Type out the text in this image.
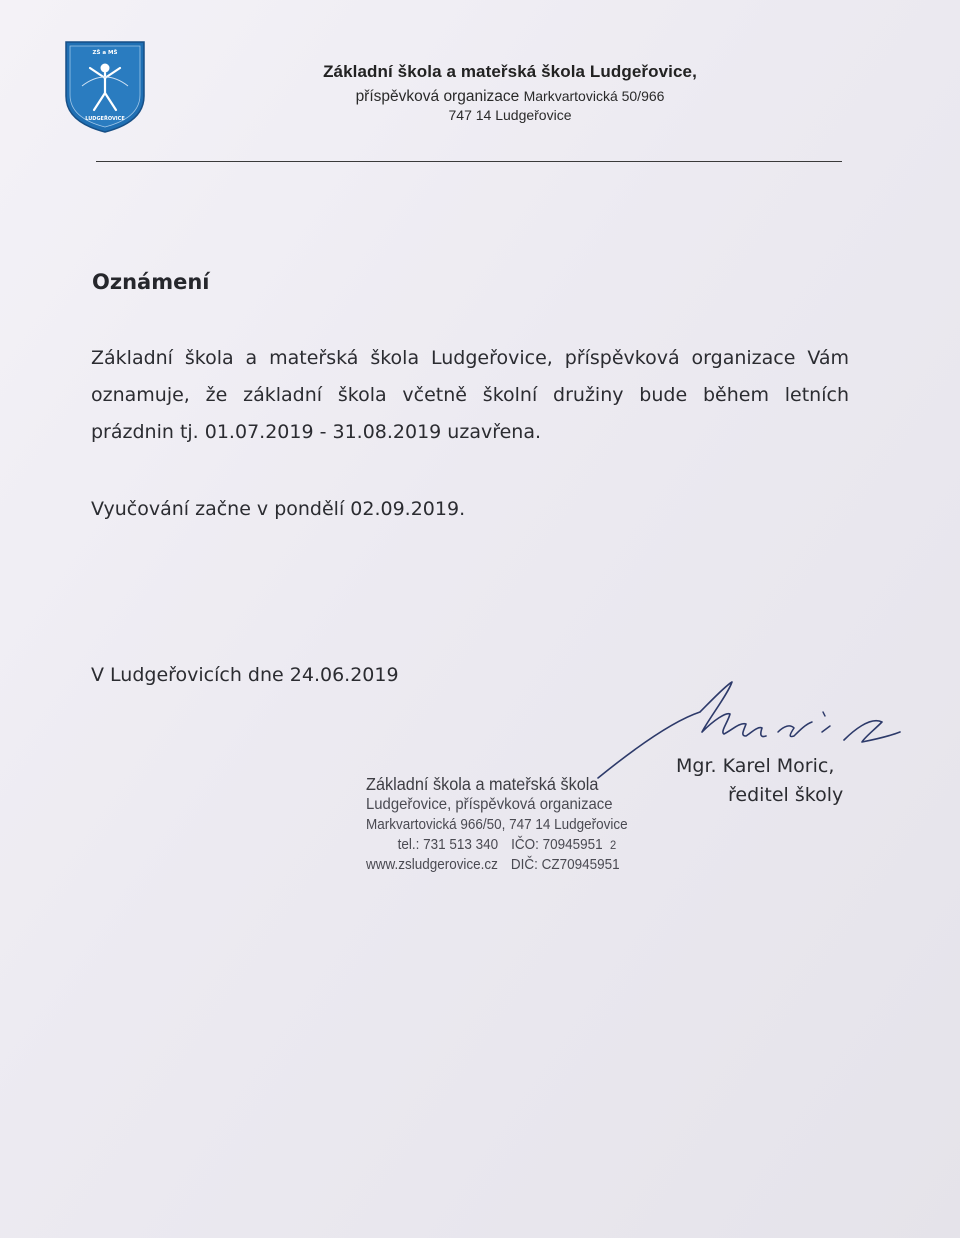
ZŠ a MŠ
LUDGEŘOVICE
Základní škola a mateřská škola Ludgeřovice,
příspěvková organizace Markvartovická 50/966
747 14 Ludgeřovice
Oznámení
Základní škola a mateřská škola Ludgeřovice, příspěvková organizace Vám oznamuje, že základní škola včetně školní družiny bude během letních prázdnin tj. 01.07.2019 - 31.08.2019 uzavřena.
Vyučování začne v pondělí 02.09.2019.
V Ludgeřovicích dne 24.06.2019
Mgr. Karel Moric,
ředitel školy
Základní škola a mateřská škola
Ludgeřovice, příspěvková organizace
Markvartovická 966/50, 747 14 Ludgeřovice
tel.: 731 513 340 IČO: 70945951 2
www.zsludgerovice.cz DIČ: CZ70945951
